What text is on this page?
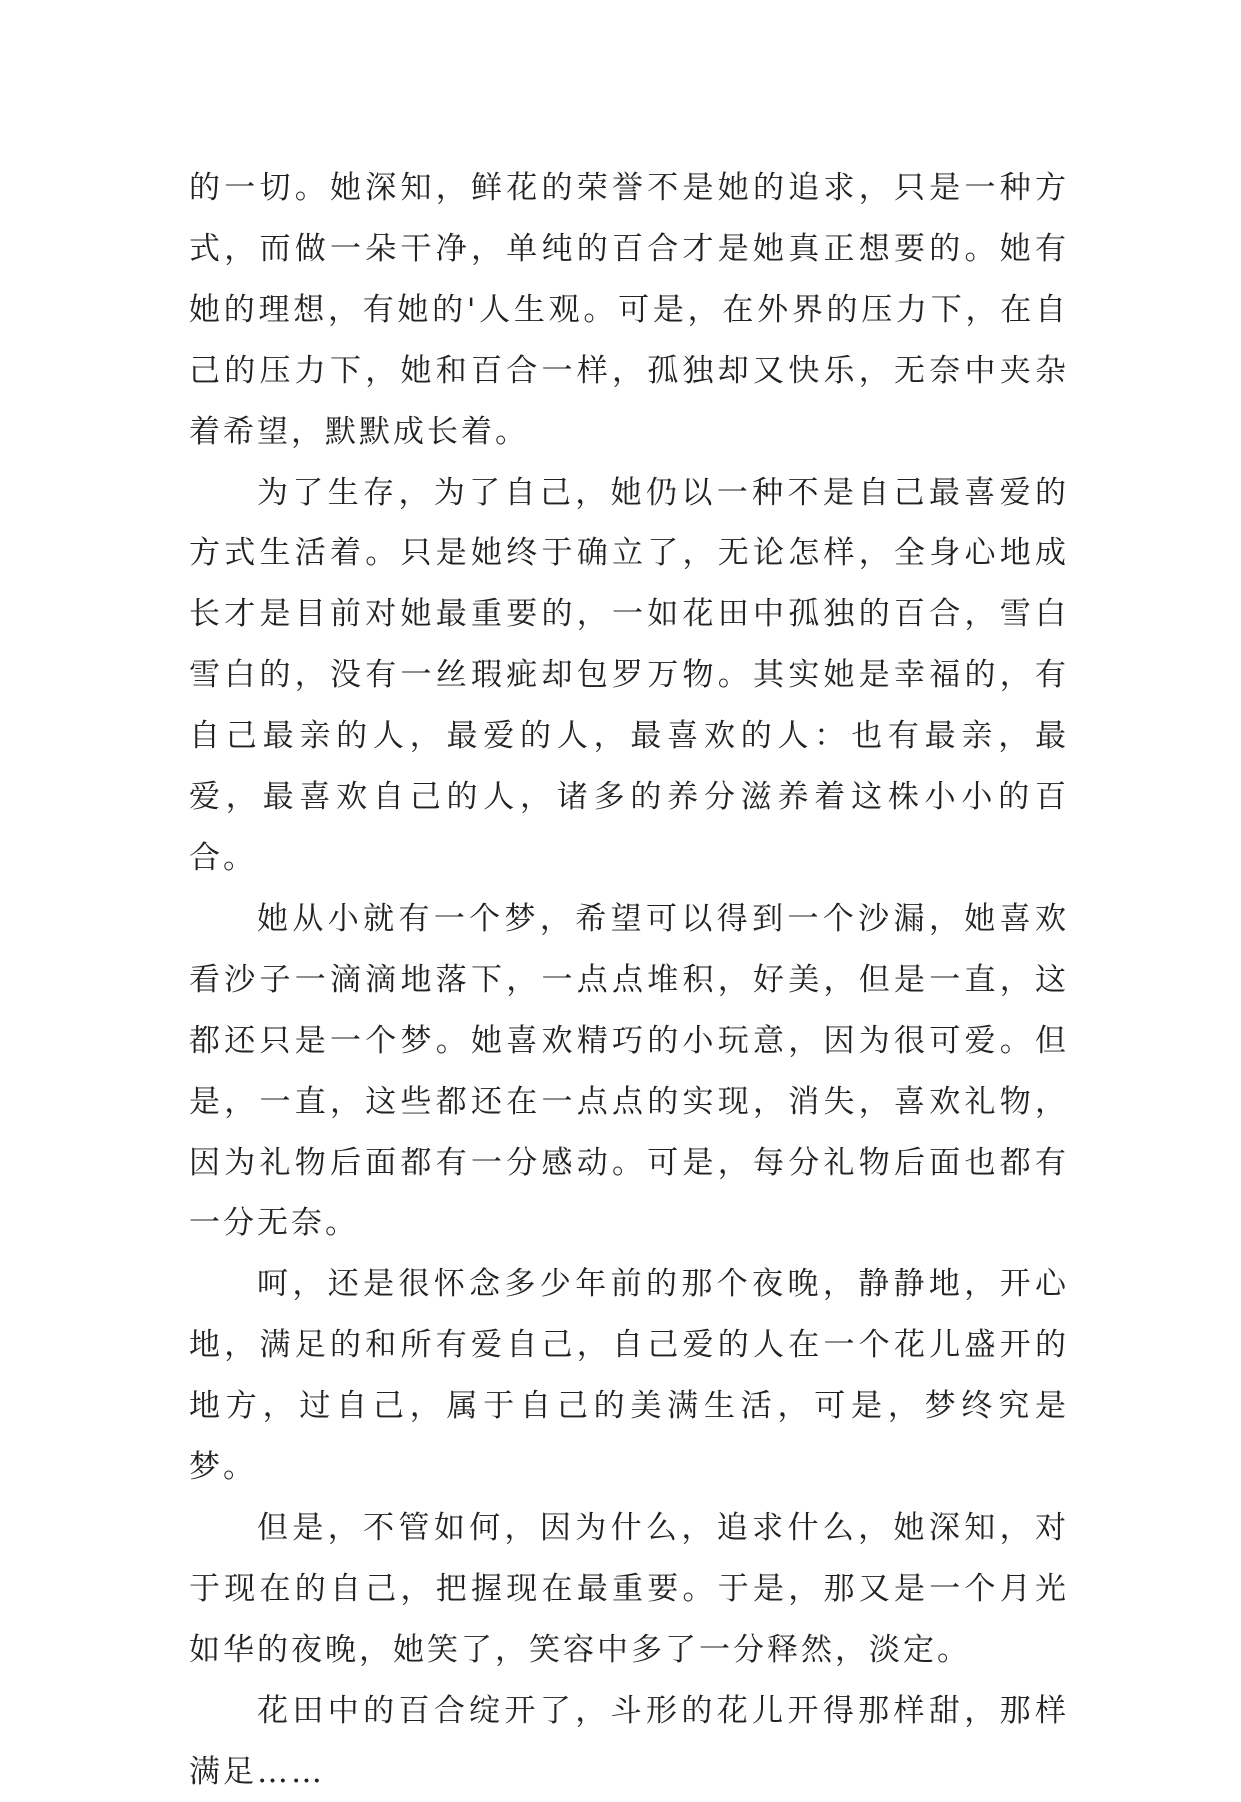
的一切。她深知，鲜花的荣誉不是她的追求，只是一种方式，而做一朵干净，单纯的百合才是她真正想要的。她有她的理想，有她的'人生观。可是，在外界的压力下，在自己的压力下，她和百合一样，孤独却又快乐，无奈中夹杂着希望，默默成长着。

为了生存，为了自己，她仍以一种不是自己最喜爱的方式生活着。只是她终于确立了，无论怎样，全身心地成长才是目前对她最重要的，一如花田中孤独的百合，雪白雪白的，没有一丝瑕疵却包罗万物。其实她是幸福的，有自己最亲的人，最爱的人，最喜欢的人：也有最亲，最爱，最喜欢自己的人，诸多的养分滋养着这株小小的百合。

她从小就有一个梦，希望可以得到一个沙漏，她喜欢看沙子一滴滴地落下，一点点堆积，好美，但是一直，这都还只是一个梦。她喜欢精巧的小玩意，因为很可爱。但是，一直，这些都还在一点点的实现，消失，喜欢礼物，因为礼物后面都有一分感动。可是，每分礼物后面也都有一分无奈。

呵，还是很怀念多少年前的那个夜晚，静静地，开心地，满足的和所有爱自己，自己爱的人在一个花儿盛开的地方，过自己，属于自己的美满生活，可是，梦终究是梦。

但是，不管如何，因为什么，追求什么，她深知，对于现在的自己，把握现在最重要。于是，那又是一个月光如华的夜晚，她笑了，笑容中多了一分释然，淡定。

花田中的百合绽开了，斗形的花儿开得那样甜，那样满足……
